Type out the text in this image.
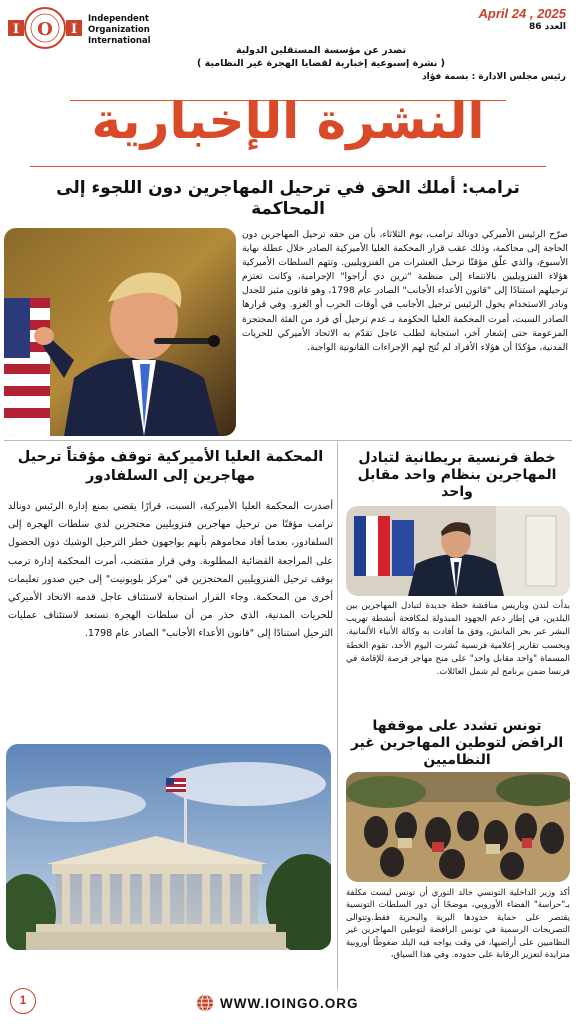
O
I	I
Independent
Organization
International
April 24 , 2025
العدد 86
تصدر عن مؤسسة المستقلين الدولية
( نشرة إسبوعية إخبارية لقضايا الهجرة غير النظامية )
رئيس مجلس الادارة : بسمة فؤاد
النشرة الإخبارية
ترامب: أملك الحق في ترحيل المهاجرين دون اللجوء إلى المحاكمة
صرّح الرئيس الأميركي دونالد ترامب، يوم الثلاثاء، بأن من حقه ترحيل المهاجرين دون الحاجة إلى محاكمة، وذلك عقب قرار المحكمة العليا الأميركية الصادر خلال عطلة نهاية الأسبوع، والذي علّق مؤقتًا ترحيل العشرات من الفنزويليين. وتتهم السلطات الأميركية هؤلاء الفنزويليين بالانتماء إلى منظمة "ترين دي أراجوا" الإجرامية، وكانت تعتزم ترحيلهم استنادًا إلى "قانون الأعداء الأجانب" الصادر عام 1798، وهو قانون مثير للجدل ونادر الاستخدام يخول الرئيس ترحيل الأجانب في أوقات الحرب أو الغزو. وفي قرارها الصادر السبت، أمرت المحكمة العليا الحكومة بـ عدم ترحيل أي فرد من الفئة المحتجزة المزعومة حتى إشعار آخر، استجابة لطلب عاجل تقدّم به الاتحاد الأميركي للحريات المدنية، مؤكدًا أن هؤلاء الأفراد لم تُتح لهم الإجراءات القانونية الواجبة.
المحكمة العليا الأميركية توقف مؤقتاً ترحيل مهاجرين إلى السلفادور
أصدرت المحكمة العليا الأميركية، السبت، قرارًا يقضي بمنع إدارة الرئيس دونالد ترامب مؤقتًا من ترحيل مهاجرين فنزويليين محتجزين لدى سلطات الهجرة إلى السلفادور، بعدما أفاد محاموهم بأنهم يواجهون خطر الترحيل الوشيك دون الحصول على المراجعة القضائية المطلوبة. وفي قرار مقتضب، أمرت المحكمة إدارة ترمب بوقف ترحيل الفنزويليين المحتجزين في "مركز بلوبونيت" إلى حين صدور تعليمات أخرى من المحكمة. وجاء القرار استجابة لاستئناف عاجل قدمه الاتحاد الأميركي للحريات المدنية، الذي حذر من أن سلطات الهجرة تستعد لاستئناف عمليات الترحيل استنادًا إلى "قانون الأعداء الأجانب" الصادر عام 1798.
خطة فرنسية بريطانية لتبادل المهاجرين بنظام واحد مقابل واحد
بدأت لندن وباريس مناقشة خطة جديدة لتبادل المهاجرين بين البلدين، في إطار دعم الجهود المبذولة لمكافحة أنشطة تهريب البشر عبر بحر المانش، وفق ما أفادت به وكالة الأنباء الألمانية. وبحسب تقارير إعلامية فرنسية نُشرت اليوم الأحد، تقوم الخطة المسماة "واحد مقابل واحد" على منح مهاجر فرصة للإقامة في فرنسا ضمن برنامج لم شمل العائلات.
تونس تشدد على موقفها الرافض لتوطين المهاجرين غير النظاميين
أكد وزير الداخلية التونسي خالد النوري أن تونس ليست مكلفة بـ"حراسة" الفضاء الأوروبي، موضحًا أن دور السلطات التونسية يقتصر على حماية حدودها البرية والبحرية فقط.وتتوالى التصريحات الرسمية في تونس الرافضة لتوطين المهاجرين غير النظاميين على أراضيها، في وقت يواجه فيه البلد ضغوطًا أوروبية متزايدة لتعزيز الرقابة على حدوده. وفي هذا السياق،
1	WWW.IOINGO.ORG
